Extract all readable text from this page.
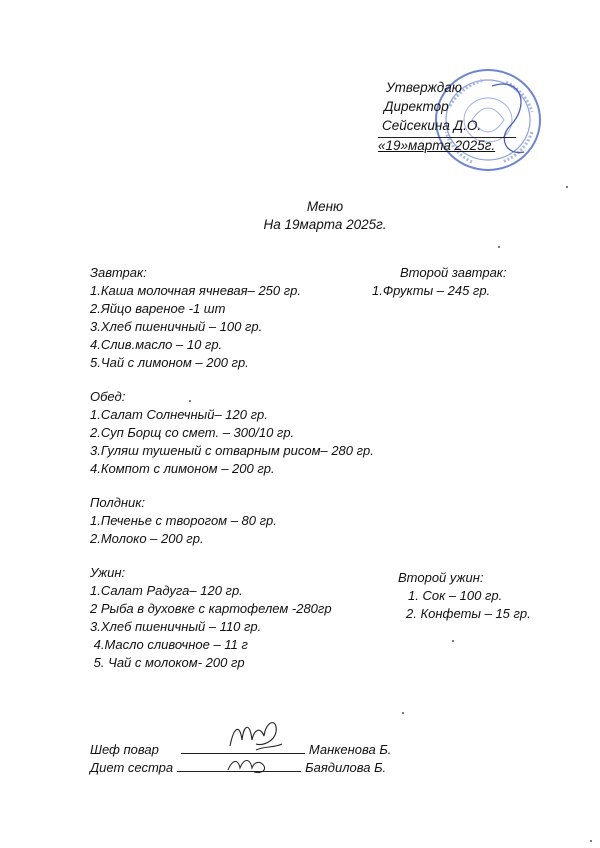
Утверждаю
Директор
Сейсекина Д.О.
«19»марта 2025г.
Меню
На 19марта 2025г.
Завтрак:
1.Каша молочная ячневая– 250 гр.
2.Яйцо вареное -1 шт
3.Хлеб пшеничный – 100 гр.
4.Слив.масло – 10 гр.
5.Чай с лимоном – 200 гр.
Второй завтрак:
1.Фрукты – 245 гр.
Обед:
1.Салат Солнечный– 120 гр.
2.Суп Борщ со смет. – 300/10 гр.
3.Гуляш тушеный с отварным рисом– 280 гр.
4.Компот с лимоном – 200 гр.
Полдник:
1.Печенье с творогом – 80 гр.
2.Молоко – 200 гр.
Ужин:
1.Салат Радуга– 120 гр.
2 Рыба в духовке с картофелем -280гр
3.Хлеб пшеничный – 110 гр.
4.Масло сливочное – 11 г
5. Чай с молоком- 200 гр
Второй ужин:
1. Сок – 100 гр.
2. Конфеты – 15 гр.
Шеф повар	Манкенова Б.
Диет сестра	Баядилова Б.
